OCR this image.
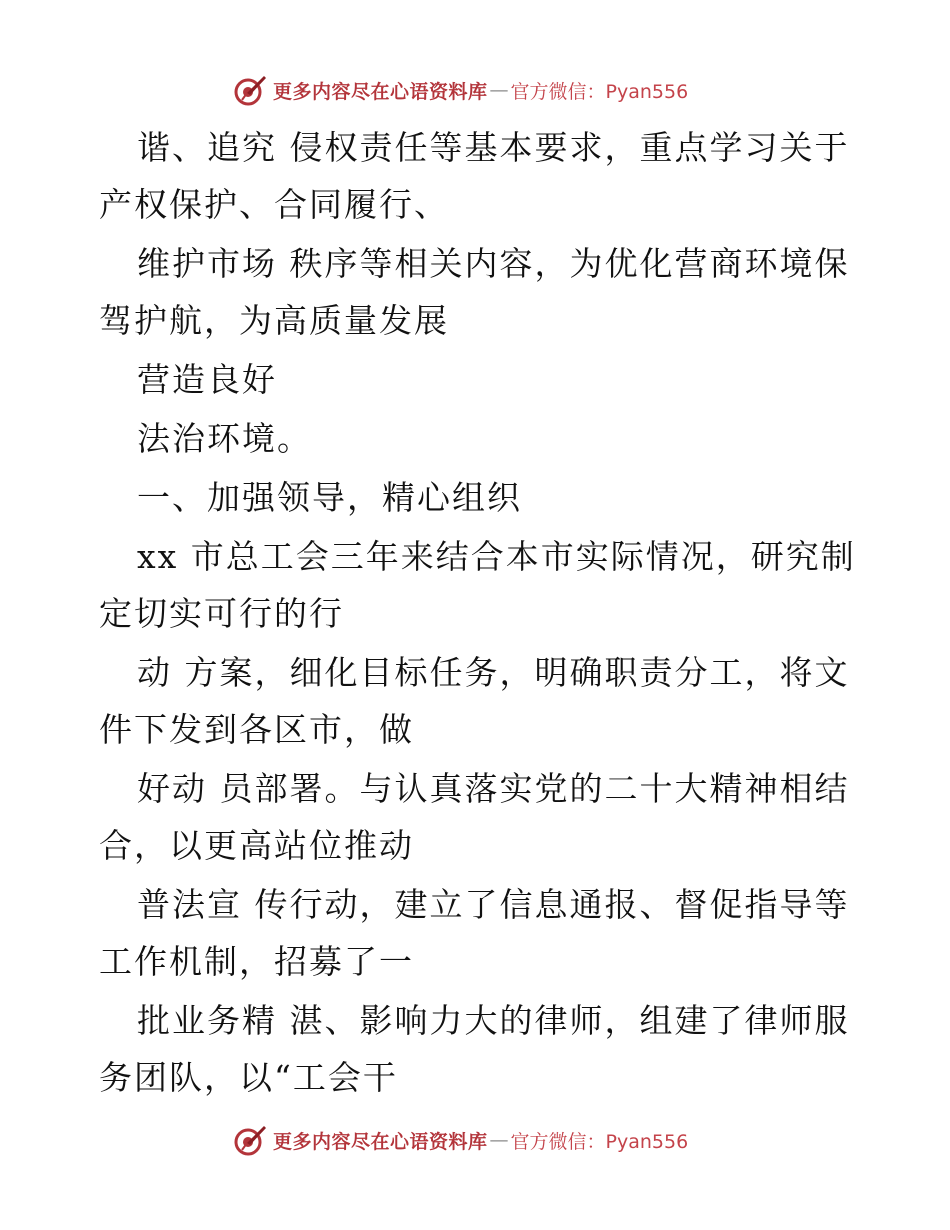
更多内容尽在心语资料库 — 官方微信：Pyan556
谐、追究 侵权责任等基本要求，重点学习关于
产权保护、合同履行、
维护市场 秩序等相关内容，为优化营商环境保
驾护航，为高质量发展
营造良好
法治环境。
一、加强领导，精心组织
xx 市总工会三年来结合本市实际情况，研究制
定切实可行的行
动 方案，细化目标任务，明确职责分工，将文
件下发到各区市，做
好动 员部署。与认真落实党的二十大精神相结
合，以更高站位推动
普法宣 传行动，建立了信息通报、督促指导等
工作机制，招募了一
批业务精 湛、影响力大的律师，组建了律师服
务团队，以“工会干
更多内容尽在心语资料库 — 官方微信：Pyan556
